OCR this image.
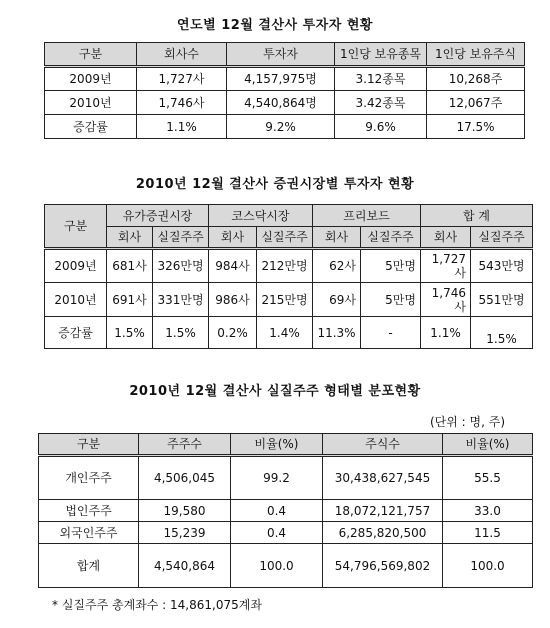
연도별 12월 결산사 투자자 현황
구분	회사수	투자자	1인당 보유종목	1인당 보유주식
2009년	1,727사	4,157,975명	3.12종목	10,268주
2010년	1,746사	4,540,864명	3.42종목	12,067주
증감률	1.1%	9.2%	9.6%	17.5%
2010년 12월 결산사 증권시장별 투자자 현황
구분	유가증권시장		코스닥시장		프리보드		합 계	
	회사	실질주주	회사	실질주주	회사	실질주주	회사	실질주주
2009년	681사	326만명	984사	212만명	62사	5만명	1,727사	543만명
2010년	691사	331만명	986사	215만명	69사	5만명	1,746사	551만명
증감률	1.5%	1.5%	0.2%	1.4%	11.3%	-	1.1%	1.5%
2010년 12월 결산사 실질주주 형태별 분포현황
(단위 : 명, 주)
구분	주주수	비율(%)	주식수	비율(%)
개인주주	4,506,045	99.2	30,438,627,545	55.5
법인주주	19,580	0.4	18,072,121,757	33.0
외국인주주	15,239	0.4	6,285,820,500	11.5
합계	4,540,864	100.0	54,796,569,802	100.0
* 실질주주 총계좌수 : 14,861,075계좌
